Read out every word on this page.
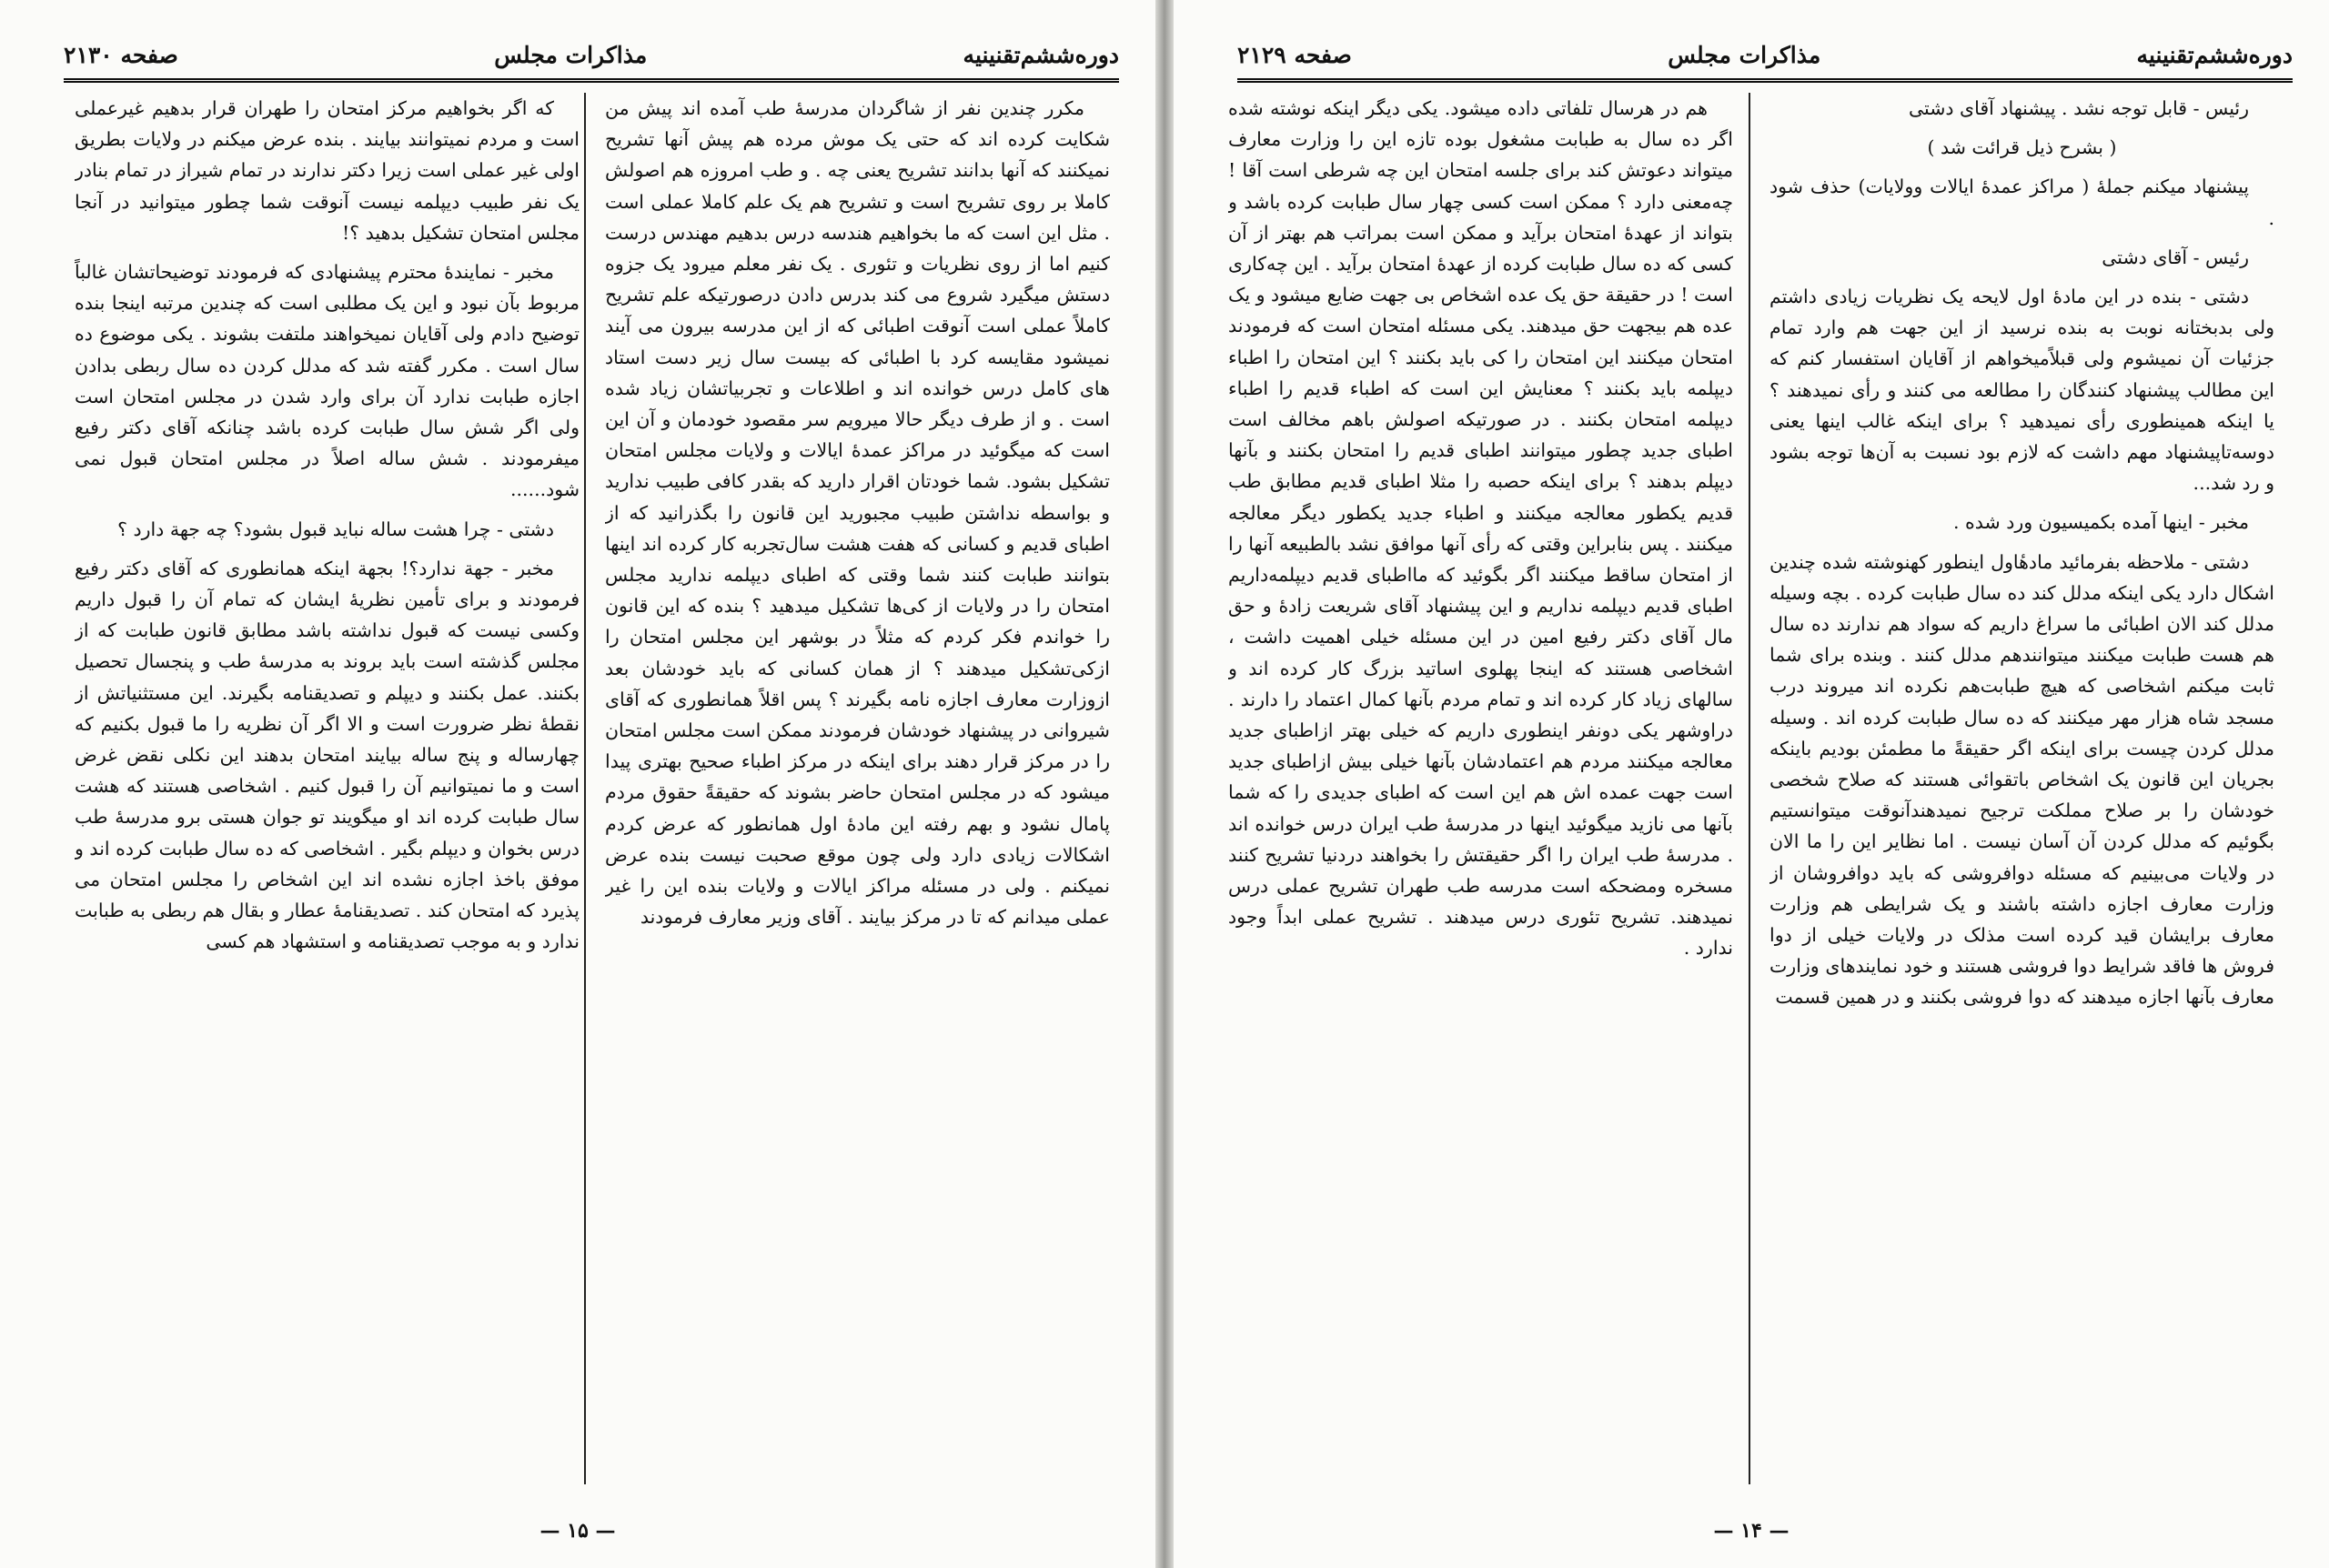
دوره‌ششم‌تقنینیه
مذاکرات مجلس
صفحه ۲۱۳۰

مکرر چندین نفر از شاگردان مدرسهٔ طب آمده اند پیش من شکایت کرده اند که حتی یک موش مرده هم پیش آنها تشریح نمیکنند که آنها بدانند تشریح یعنی چه . و طب امروزه هم اصولش کاملا بر روی تشریح است و تشریح هم یک علم کاملا عملی است . مثل این است که ما بخواهیم هندسه درس بدهیم مهندس درست کنیم اما از روی نظریات و تئوری . یک نفر معلم میرود یک جزوه دستش میگیرد شروع می کند بدرس دادن درصورتیکه علم تشریح کاملاً عملی است آنوقت اطبائی که از این مدرسه بیرون می آیند نمیشود مقایسه کرد با اطبائی که بیست سال زیر دست استاد های کامل درس خوانده اند و اطلاعات و تجربیاتشان زیاد شده است . و از طرف دیگر حالا میرویم سر مقصود خودمان و آن این است که میگوئید در مراکز عمدهٔ ایالات و ولایات مجلس امتحان تشکیل بشود. شما خودتان اقرار دارید که بقدر کافی طبیب ندارید و بواسطه نداشتن طبیب مجبورید این قانون را بگذرانید که از اطبای قدیم و کسانی که هفت هشت سال‌تجربه کار کرده اند اینها بتوانند طبابت کنند شما وقتی که اطبای دیپلمه ندارید مجلس امتحان را در ولایات از کی‌ها تشکیل میدهید ؟ بنده که این قانون را خواندم فکر کردم که مثلاً در بوشهر این مجلس امتحان را ازکی‌تشکیل میدهند ؟ از همان کسانی که باید خودشان بعد ازوزارت معارف اجازه نامه بگیرند ؟ پس اقلاً همانطوری که آقای شیروانی در پیشنهاد خودشان فرمودند ممکن است مجلس امتحان را در مرکز قرار دهند برای اینکه در مرکز اطباء صحیح بهتری پیدا میشود که در مجلس امتحان حاضر بشوند که حقیقةً حقوق مردم پامال نشود و بهم رفته این مادهٔ اول همانطور که عرض کردم اشکالات زیادی دارد ولی چون موقع صحبت نیست بنده عرض نمیکنم . ولی در مسئله مراکز ایالات و ولایات بنده این را غیر عملی میدانم که تا در مرکز بیایند . آقای وزیر معارف فرمودند

که اگر بخواهیم مرکز امتحان را طهران قرار بدهیم غیرعملی است و مردم نمیتوانند بیایند . بنده عرض میکنم در ولایات بطریق اولی غیر عملی است زیرا دکتر ندارند در تمام شیراز در تمام بنادر یک نفر طبیب دیپلمه نیست آنوقت شما چطور میتوانید در آنجا مجلس امتحان تشکیل بدهید ؟!

مخبر - نمایندهٔ محترم پیشنهادی که فرمودند توضیحاتشان غالباً مربوط بآن نبود و این یک مطلبی است که چندین مرتبه اینجا بنده توضیح دادم ولی آقایان نمیخواهند ملتفت بشوند . یکی موضوع ده سال است . مکرر گفته شد که مدلل کردن ده سال ربطی بدادن اجازه طبابت ندارد آن برای وارد شدن در مجلس امتحان است ولی اگر شش سال طبابت کرده باشد چنانکه آقای دکتر رفیع میفرمودند . شش ساله اصلاً در مجلس امتحان قبول نمی شود......

دشتی - چرا هشت ساله نباید قبول بشود؟ چه جهة دارد ؟

مخبر - جهة ندارد؟! بجهة اینکه همانطوری که آقای دکتر رفیع فرمودند و برای تأمین نظریهٔ ایشان که تمام آن را قبول داریم وکسی نیست که قبول نداشته باشد مطابق قانون طبابت که از مجلس گذشته است باید بروند به مدرسهٔ طب و پنجسال تحصیل بکنند. عمل بکنند و دیپلم و تصدیقنامه بگیرند. این مستثنیاتش از نقطهٔ نظر ضرورت است و الا اگر آن نظریه را ما قبول بکنیم که چهارساله و پنج ساله بیایند امتحان بدهند این نکلی نقض غرض است و ما نمیتوانیم آن را قبول کنیم . اشخاصی هستند که هشت سال طبابت کرده اند او میگویند تو جوان هستی برو مدرسهٔ طب درس بخوان و دیپلم بگیر . اشخاصی که ده سال طبابت کرده اند و موفق باخذ اجازه نشده اند این اشخاص را مجلس امتحان می پذیرد که امتحان کند . تصدیقنامهٔ عطار و بقال هم ربطی به طبابت ندارد و به موجب تصدیقنامه و استشهاد هم کسی

— ۱۵ —
دوره‌ششم‌تقنینیه
مذاکرات مجلس
صفحه ۲۱۲۹

رئیس - قابل توجه نشد . پیشنهاد آقای دشتی

( بشرح ذیل قرائت شد )

پیشنهاد میکنم جملهٔ ( مراکز عمدهٔ ایالات وولایات) حذف شود .

رئیس - آقای دشتی

دشتی - بنده در این مادهٔ اول لایحه یک نظریات زیادی داشتم ولی بدبختانه نوبت به بنده نرسید از این جهت هم وارد تمام جزئیات آن نمیشوم ولی قبلاًمیخواهم از آقایان استفسار کنم که این مطالب پیشنهاد کنندگان را مطالعه می کنند و رأی نمیدهند ؟ یا اینکه همینطوری رأی نمیدهید ؟ برای اینکه غالب اینها یعنی دوسه‌تاپیشنهاد مهم داشت که لازم بود نسبت به آن‌ها توجه بشود و رد شد...

مخبر - اینها آمده بکمیسیون ورد شده .

دشتی - ملاحظه بفرمائید مادهٔاول اینطور کهنوشته شده چندین اشکال دارد یکی اینکه مدلل کند ده سال طبابت کرده . بچه وسیله مدلل کند الان اطبائی ما سراغ داریم که سواد هم ندارند ده سال هم هست طبابت میکنند میتوانندهم مدلل کنند . وبنده برای شما ثابت میکنم اشخاصی که هیچ طبابت‌هم نکرده اند میروند درب مسجد شاه هزار مهر میکنند که ده سال طبابت کرده اند . وسیله مدلل کردن چیست برای اینکه اگر حقیقةً ما مطمئن بودیم باینکه بجریان این قانون یک اشخاص باتقوائی هستند که صلاح شخصی خودشان را بر صلاح مملکت ترجیح نمیدهندآنوقت میتوانستیم بگوئیم که مدلل کردن آن آسان نیست . اما نظایر این را ما الان در ولایات می‌بینیم که مسئله دوافروشی که باید دوافروشان از وزارت معارف اجازه داشته باشند و یک شرایطی هم وزارت معارف برایشان قید کرده است مذلک در ولایات خیلی از دوا فروش ها فاقد شرایط دوا فروشی هستند و خود نمایندهای وزارت معارف بآنها اجازه میدهند که دوا فروشی بکنند و در همین قسمت

هم در هرسال تلفاتی داده میشود. یکی دیگر اینکه نوشته شده اگر ده سال به طبابت مشغول بوده تازه این را وزارت معارف میتواند دعوتش کند برای جلسه امتحان این چه شرطی است آقا ! چه‌معنی دارد ؟ ممکن است کسی چهار سال طبابت کرده باشد و بتواند از عهدهٔ امتحان برآید و ممکن است بمراتب هم بهتر از آن کسی که ده سال طبابت کرده از عهدهٔ امتحان برآید . این چه‌کاری است ! در حقیقة حق یک عده اشخاص بی جهت ضایع میشود و یک عده هم بیجهت حق میدهند. یکی مسئله امتحان است که فرمودند امتحان میکنند این امتحان را کی باید بکنند ؟ این امتحان را اطباء دیپلمه باید بکنند ؟ معنایش این است که اطباء قدیم را اطباء دیپلمه امتحان بکنند . در صورتیکه اصولش باهم مخالف است اطبای جدید چطور میتوانند اطبای قدیم را امتحان بکنند و بآنها دیپلم بدهند ؟ برای اینکه حصبه را مثلا اطبای قدیم مطابق طب قدیم یکطور معالجه میکنند و اطباء جدید یکطور دیگر معالجه میکنند . پس بنابراین وقتی که رأی آنها موافق نشد بالطبیعه آنها را از امتحان ساقط میکنند اگر بگوئید که مااطبای قدیم دیپلمه‌داریم اطبای قدیم دیپلمه نداریم و این پیشنهاد آقای شریعت زادهٔ و حق مال آقای دکتر رفیع امین در این مسئله خیلی اهمیت داشت ، اشخاصی هستند که اینجا پهلوی اساتید بزرگ کار کرده اند و سالهای زیاد کار کرده اند و تمام مردم بآنها کمال اعتماد را دارند . دراوشهر یکی دونفر اینطوری داریم که خیلی بهتر ازاطبای جدید معالجه میکنند مردم هم اعتمادشان بآنها خیلی بیش ازاطبای جدید است جهت عمده اش هم این است که اطبای جدیدی را که شما بآنها می نازید میگوئید اینها در مدرسهٔ طب ایران درس خوانده اند . مدرسهٔ طب ایران را اگر حقیقتش را بخواهند دردنیا تشریح کنند مسخره ومضحکه است مدرسه طب طهران تشریح عملی درس نمیدهند. تشریح تئوری درس میدهند . تشریح عملی ابداً وجود ندارد .

— ۱۴ —
